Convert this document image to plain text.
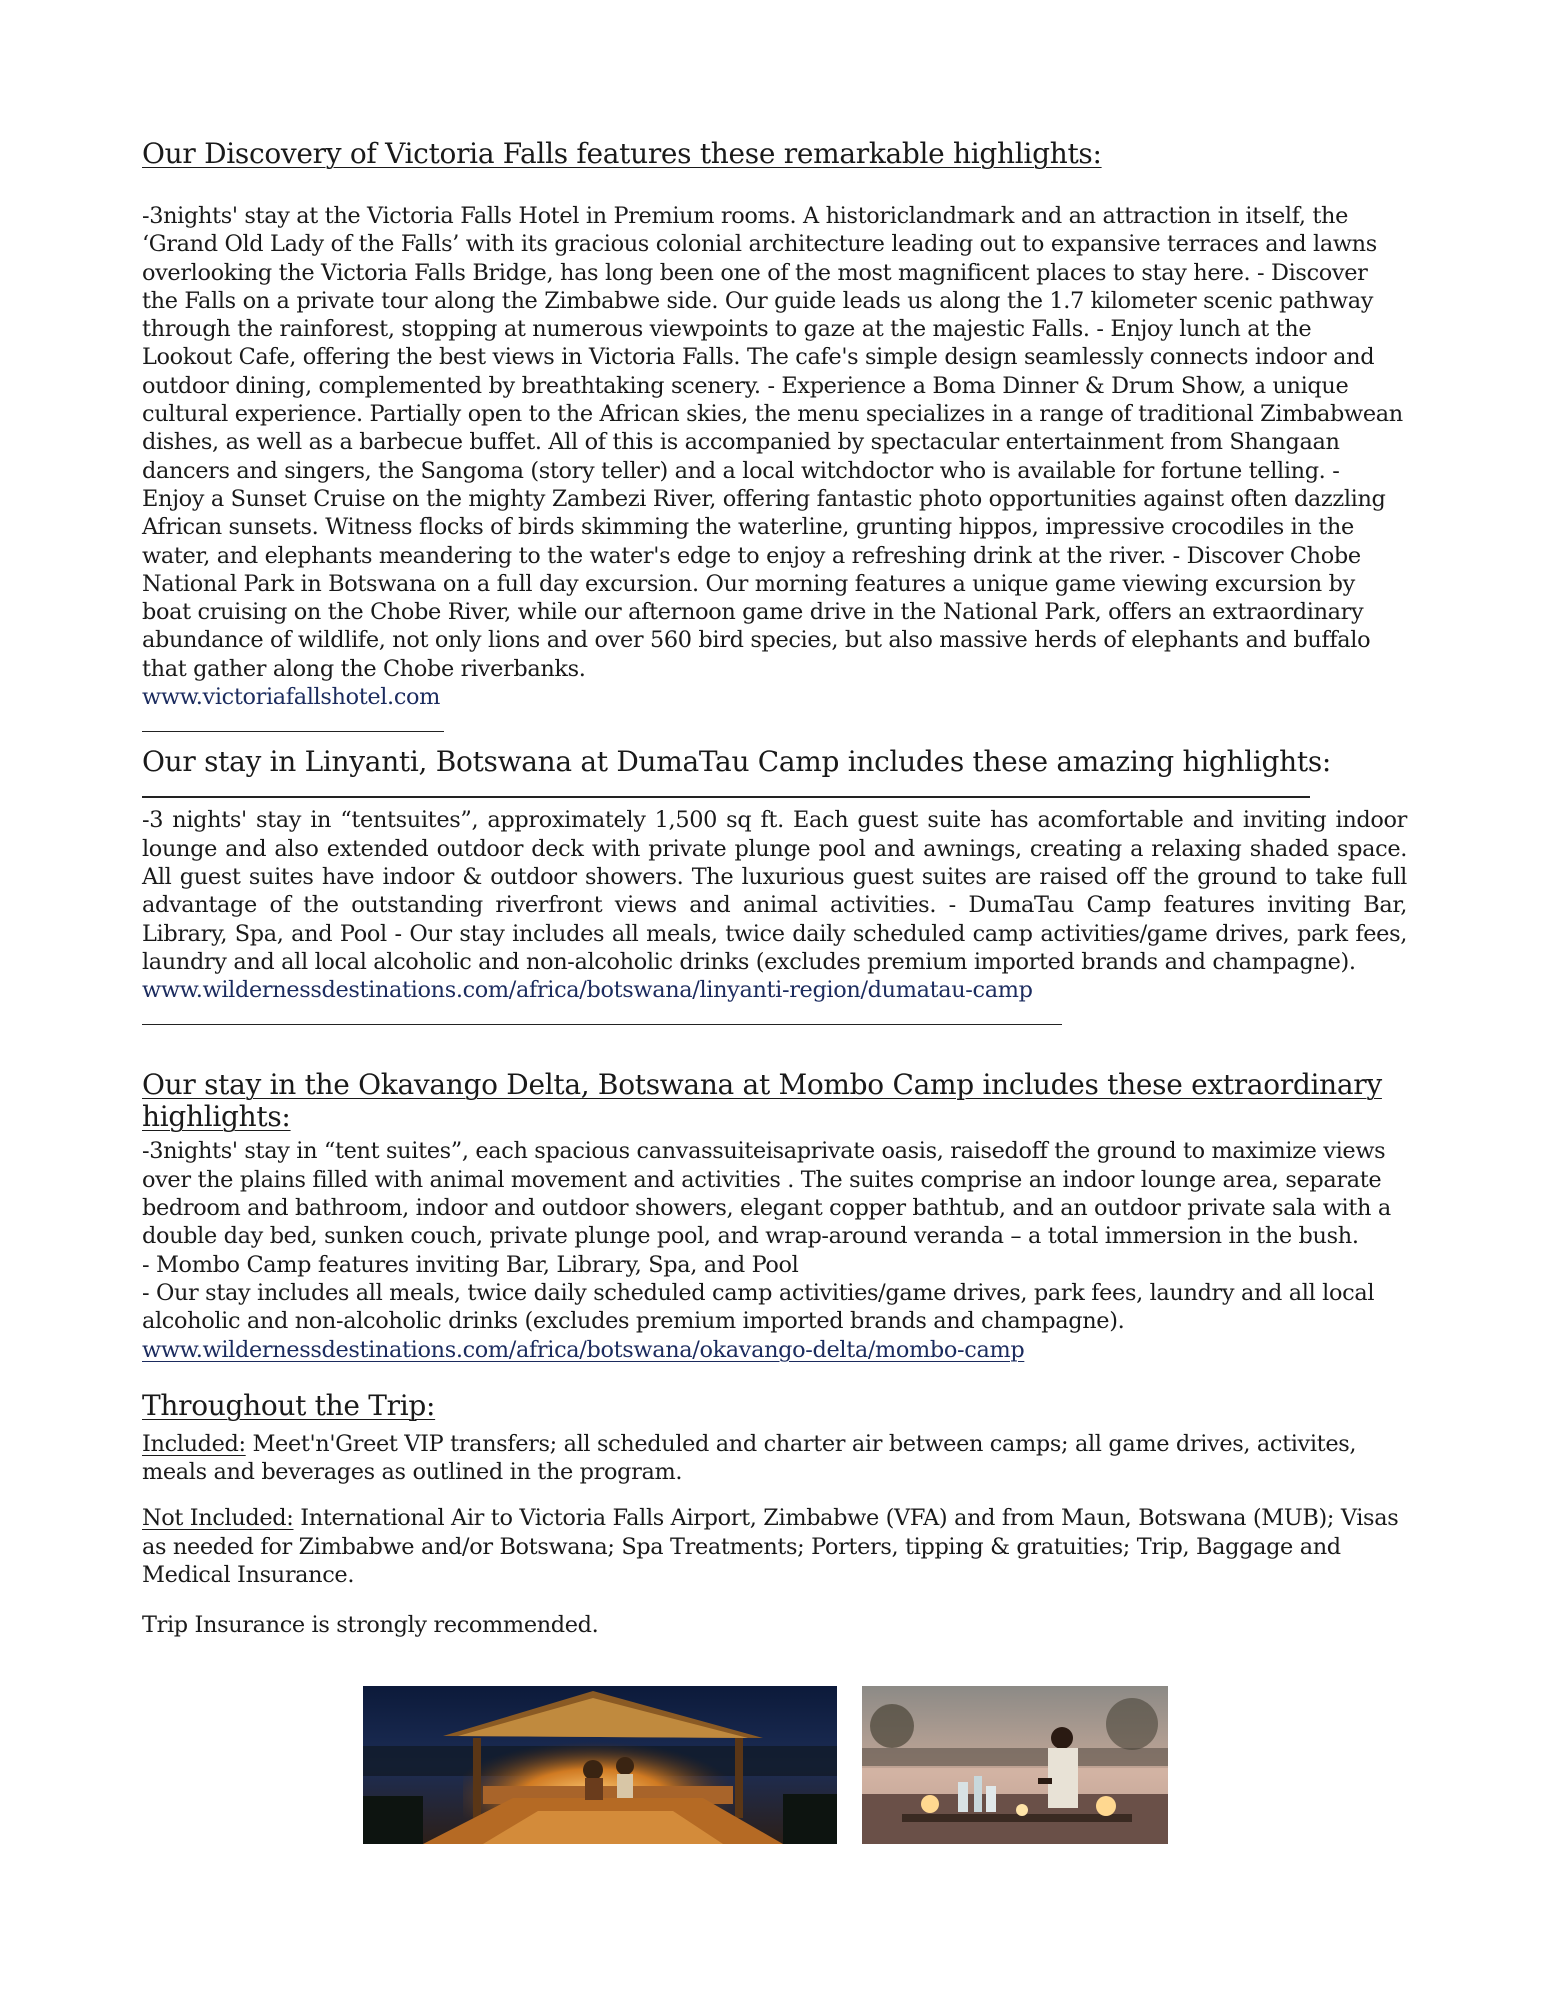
Our Discovery of Victoria Falls features these remarkable highlights:

-3nights' stay at the Victoria Falls Hotel in Premium rooms. A historiclandmark and an attraction in itself, the ‘Grand Old Lady of the Falls’ with its gracious colonial architecture leading out to expansive terraces and lawns overlooking the Victoria Falls Bridge, has long been one of the most magnificent places to stay here. - Discover the Falls on a private tour along the Zimbabwe side. Our guide leads us along the 1.7 kilometer scenic pathway through the rainforest, stopping at numerous viewpoints to gaze at the majestic Falls. - Enjoy lunch at the Lookout Cafe, offering the best views in Victoria Falls. The cafe's simple design seamlessly connects indoor and outdoor dining, complemented by breathtaking scenery. - Experience a Boma Dinner & Drum Show, a unique cultural experience. Partially open to the African skies, the menu specializes in a range of traditional Zimbabwean dishes, as well as a barbecue buffet. All of this is accompanied by spectacular entertainment from Shangaan dancers and singers, the Sangoma (story teller) and a local witchdoctor who is available for fortune telling. - Enjoy a Sunset Cruise on the mighty Zambezi River, offering fantastic photo opportunities against often dazzling African sunsets. Witness flocks of birds skimming the waterline, grunting hippos, impressive crocodiles in the water, and elephants meandering to the water's edge to enjoy a refreshing drink at the river. - Discover Chobe National Park in Botswana on a full day excursion. Our morning features a unique game viewing excursion by boat cruising on the Chobe River, while our afternoon game drive in the National Park, offers an extraordinary abundance of wildlife, not only lions and over 560 bird species, but also massive herds of elephants and buffalo that gather along the Chobe riverbanks.
www.victoriafallshotel.com

Our stay in Linyanti, Botswana at DumaTau Camp includes these amazing highlights:

-3 nights' stay in “tentsuites”, approximately 1,500 sq ft. Each guest suite has acomfortable and inviting indoor lounge and also extended outdoor deck with private plunge pool and awnings, creating a relaxing shaded space. All guest suites have indoor & outdoor showers. The luxurious guest suites are raised off the ground to take full advantage of the outstanding riverfront views and animal activities. - DumaTau Camp features inviting Bar, Library, Spa, and Pool - Our stay includes all meals, twice daily scheduled camp activities/game drives, park fees, laundry and all local alcoholic and non-alcoholic drinks (excludes premium imported brands and champagne).
www.wildernessdestinations.com/africa/botswana/linyanti-region/dumatau-camp

Our stay in the Okavango Delta, Botswana at Mombo Camp includes these extraordinary highlights:

-3nights' stay in “tent suites”, each spacious canvassuiteisaprivate oasis, raisedoff the ground to maximize views over the plains filled with animal movement and activities . The suites comprise an indoor lounge area, separate bedroom and bathroom, indoor and outdoor showers, elegant copper bathtub, and an outdoor private sala with a double day bed, sunken couch, private plunge pool, and wrap-around veranda – a total immersion in the bush.
- Mombo Camp features inviting Bar, Library, Spa, and Pool
- Our stay includes all meals, twice daily scheduled camp activities/game drives, park fees, laundry and all local alcoholic and non-alcoholic drinks (excludes premium imported brands and champagne).
www.wildernessdestinations.com/africa/botswana/okavango-delta/mombo-camp

Throughout the Trip:

Included: Meet'n'Greet VIP transfers; all scheduled and charter air between camps; all game drives, activites, meals and beverages as outlined in the program.

Not Included: International Air to Victoria Falls Airport, Zimbabwe (VFA) and from Maun, Botswana (MUB); Visas as needed for Zimbabwe and/or Botswana; Spa Treatments; Porters, tipping & gratuities; Trip, Baggage and Medical Insurance.

Trip Insurance is strongly recommended.
